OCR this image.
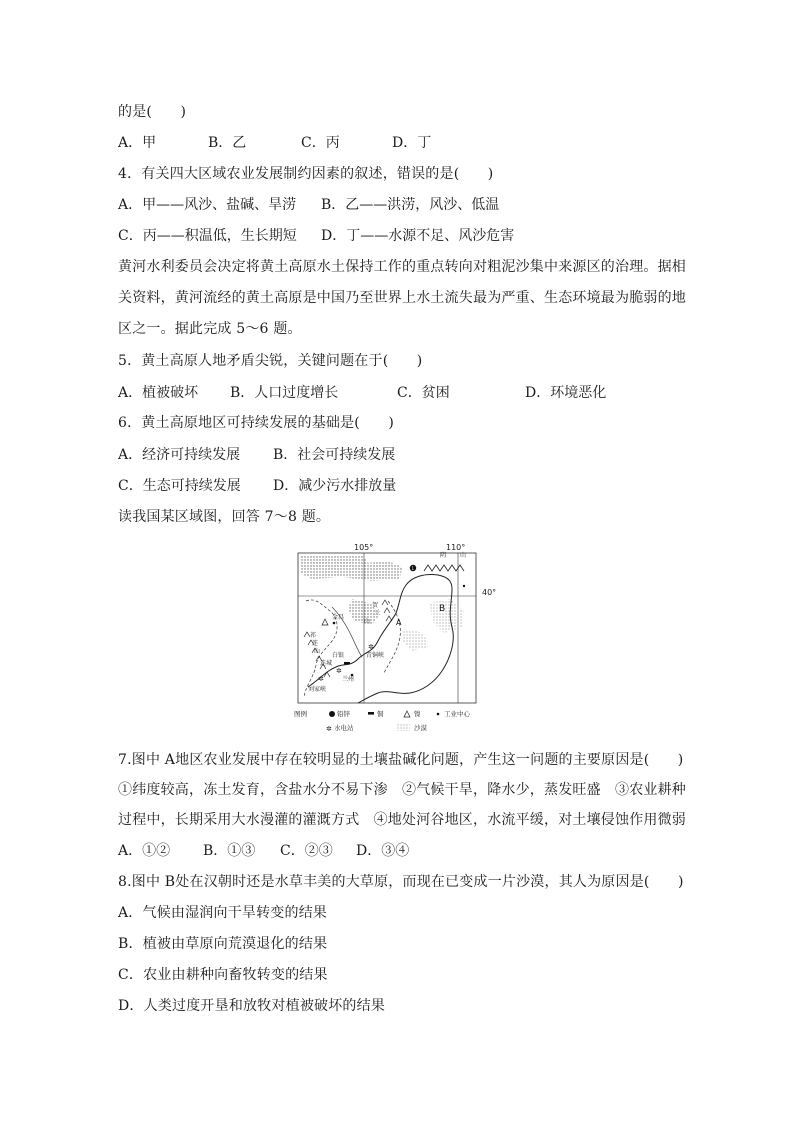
的是(　　)
A．甲	B．乙	C．丙	D．丁
4．有关四大区域农业发展制约因素的叙述，错误的是(　　)
A．甲——风沙、盐碱、旱涝 B．乙——洪涝，风沙、低温
C．丙——积温低，生长期短 D．丁——水源不足、风沙危害
黄河水利委员会决定将黄土高原水土保持工作的重点转向对粗泥沙集中来源区的治理。据相
关资料，黄河流经的黄土高原是中国乃至世界上水土流失最为严重、生态环境最为脆弱的地
区之一。据此完成 5～6 题。
5．黄土高原人地矛盾尖锐，关键问题在于(　　)
A．植被破坏 B．人口过度增长	C．贫困	D．环境恶化
6．黄土高原地区可持续发展的基础是(　　)
A．经济可持续发展 B．社会可持续发展
C．生态可持续发展 D．减少污水排放量
读我国某区域图，回答 7～8 题。
1
✲
✲
✲
105°	110°
40°
阴 山
B
A
金昌
祁
连
山
白银
连城
兰州
刘家峡
青铜峡
贺
兰
山
图例	铅锌	铜	镍	工业中心
✲ 水电站	沙漠
7.图中 A地区农业发展中存在较明显的土壤盐碱化问题，产生这一问题的主要原因是(　　)
①纬度较高，冻土发育，含盐水分不易下渗　②气候干旱，降水少，蒸发旺盛　③农业耕种
过程中，长期采用大水漫灌的灌溉方式　④地处河谷地区，水流平缓，对土壤侵蚀作用微弱
A．①② B．①③ C．②③ D．③④
8.图中 B处在汉朝时还是水草丰美的大草原，而现在已变成一片沙漠，其人为原因是(　　)
A．气候由湿润向干旱转变的结果
B．植被由草原向荒漠退化的结果
C．农业由耕种向畜牧转变的结果
D．人类过度开垦和放牧对植被破坏的结果
